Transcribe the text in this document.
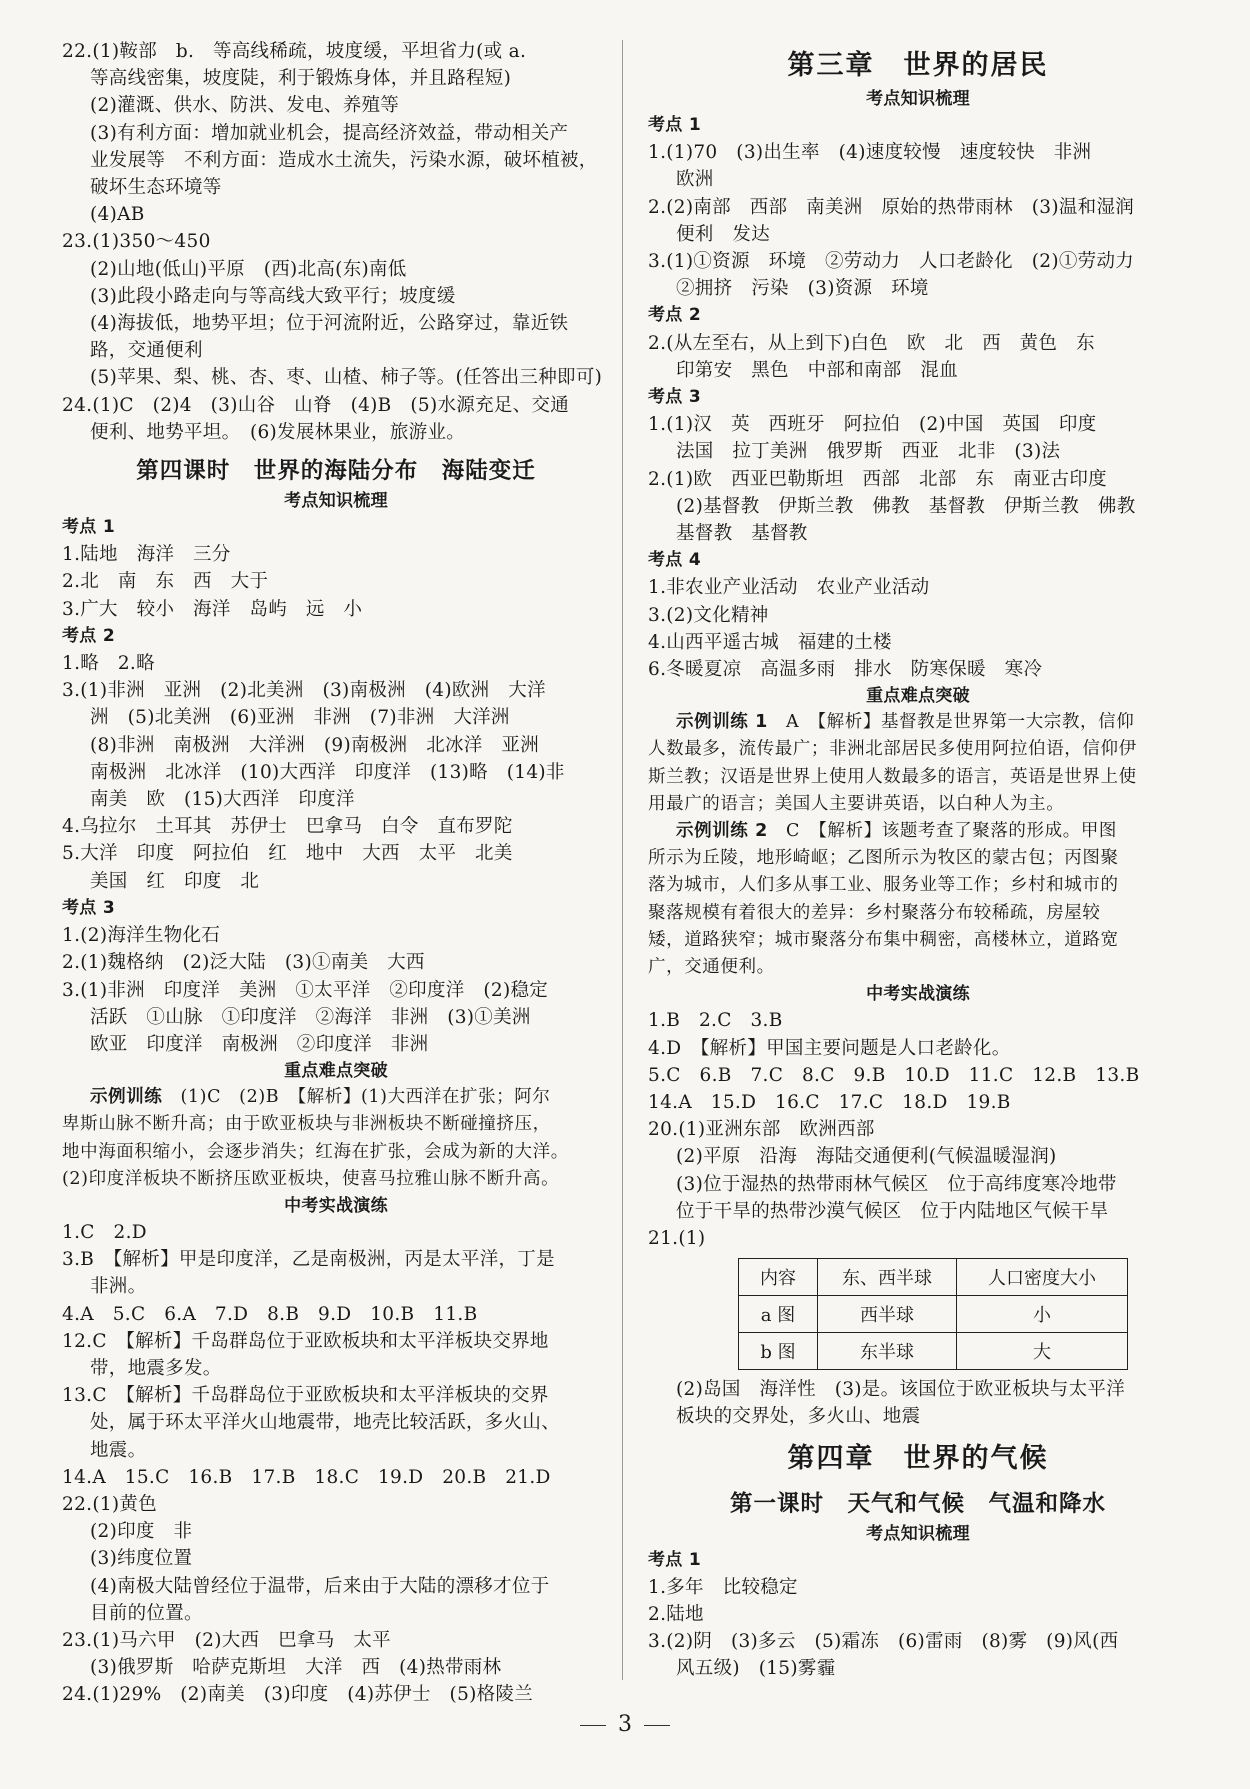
22.(1)鞍部　b.　等高线稀疏，坡度缓，平坦省力(或 a.
等高线密集，坡度陡，利于锻炼身体，并且路程短)
(2)灌溉、供水、防洪、发电、养殖等
(3)有利方面：增加就业机会，提高经济效益，带动相关产
业发展等　不利方面：造成水土流失，污染水源，破坏植被，
破坏生态环境等
(4)AB
23.(1)350～450
(2)山地(低山)平原　(西)北高(东)南低
(3)此段小路走向与等高线大致平行；坡度缓
(4)海拔低，地势平坦；位于河流附近，公路穿过，靠近铁
路，交通便利
(5)苹果、梨、桃、杏、枣、山楂、柿子等。(任答出三种即可)
24.(1)C　(2)4　(3)山谷　山脊　(4)B　(5)水源充足、交通
便利、地势平坦。　(6)发展林果业，旅游业。
第四课时　世界的海陆分布　海陆变迁
考点知识梳理
考点 1
1.陆地　海洋　三分
2.北　南　东　西　大于
3.广大　较小　海洋　岛屿　远　小
考点 2
1.略　2.略
3.(1)非洲　亚洲　(2)北美洲　(3)南极洲　(4)欧洲　大洋
洲　(5)北美洲　(6)亚洲　非洲　(7)非洲　大洋洲
(8)非洲　南极洲　大洋洲　(9)南极洲　北冰洋　亚洲
南极洲　北冰洋　(10)大西洋　印度洋　(13)略　(14)非
南美　欧　(15)大西洋　印度洋
4.乌拉尔　土耳其　苏伊士　巴拿马　白令　直布罗陀
5.大洋　印度　阿拉伯　红　地中　大西　太平　北美
美国　红　印度　北
考点 3
1.(2)海洋生物化石
2.(1)魏格纳　(2)泛大陆　(3)①南美　大西
3.(1)非洲　印度洋　美洲　①太平洋　②印度洋　(2)稳定
活跃　①山脉　①印度洋　②海洋　非洲　(3)①美洲
欧亚　印度洋　南极洲　②印度洋　非洲
重点难点突破
示例训练　(1)C　(2)B　【解析】(1)大西洋在扩张；阿尔
卑斯山脉不断升高；由于欧亚板块与非洲板块不断碰撞挤压，
地中海面积缩小，会逐步消失；红海在扩张，会成为新的大洋。
(2)印度洋板块不断挤压欧亚板块，使喜马拉雅山脉不断升高。
中考实战演练
1.C　2.D
3.B　【解析】甲是印度洋，乙是南极洲，丙是太平洋，丁是
非洲。
4.A　5.C　6.A　7.D　8.B　9.D　10.B　11.B
12.C　【解析】千岛群岛位于亚欧板块和太平洋板块交界地
带，地震多发。
13.C　【解析】千岛群岛位于亚欧板块和太平洋板块的交界
处，属于环太平洋火山地震带，地壳比较活跃，多火山、
地震。
14.A　15.C　16.B　17.B　18.C　19.D　20.B　21.D
22.(1)黄色
(2)印度　非
(3)纬度位置
(4)南极大陆曾经位于温带，后来由于大陆的漂移才位于
目前的位置。
23.(1)马六甲　(2)大西　巴拿马　太平
(3)俄罗斯　哈萨克斯坦　大洋　西　(4)热带雨林
24.(1)29%　(2)南美　(3)印度　(4)苏伊士　(5)格陵兰
第三章　世界的居民
考点知识梳理
考点 1
1.(1)70　(3)出生率　(4)速度较慢　速度较快　非洲
欧洲
2.(2)南部　西部　南美洲　原始的热带雨林　(3)温和湿润
便利　发达
3.(1)①资源　环境　②劳动力　人口老龄化　(2)①劳动力
②拥挤　污染　(3)资源　环境
考点 2
2.(从左至右，从上到下)白色　欧　北　西　黄色　东
印第安　黑色　中部和南部　混血
考点 3
1.(1)汉　英　西班牙　阿拉伯　(2)中国　英国　印度
法国　拉丁美洲　俄罗斯　西亚　北非　(3)法
2.(1)欧　西亚巴勒斯坦　西部　北部　东　南亚古印度
(2)基督教　伊斯兰教　佛教　基督教　伊斯兰教　佛教
基督教　基督教
考点 4
1.非农业产业活动　农业产业活动
3.(2)文化精神
4.山西平遥古城　福建的土楼
6.冬暖夏凉　高温多雨　排水　防寒保暖　寒冷
重点难点突破
示例训练 1　A　【解析】基督教是世界第一大宗教，信仰
人数最多，流传最广；非洲北部居民多使用阿拉伯语，信仰伊
斯兰教；汉语是世界上使用人数最多的语言，英语是世界上使
用最广的语言；美国人主要讲英语，以白种人为主。
示例训练 2　C　【解析】该题考查了聚落的形成。甲图
所示为丘陵，地形崎岖；乙图所示为牧区的蒙古包；丙图聚
落为城市，人们多从事工业、服务业等工作；乡村和城市的
聚落规模有着很大的差异：乡村聚落分布较稀疏，房屋较
矮，道路狭窄；城市聚落分布集中稠密，高楼林立，道路宽
广，交通便利。
中考实战演练
1.B　2.C　3.B
4.D　【解析】甲国主要问题是人口老龄化。
5.C　6.B　7.C　8.C　9.B　10.D　11.C　12.B　13.B
14.A　15.D　16.C　17.C　18.D　19.B
20.(1)亚洲东部　欧洲西部
(2)平原　沿海　海陆交通便利(气候温暖湿润)
(3)位于湿热的热带雨林气候区　位于高纬度寒冷地带
位于干旱的热带沙漠气候区　位于内陆地区气候干旱
21.(1)
内容	东、西半球	人口密度大小
a 图	西半球	小
b 图	东半球	大
(2)岛国　海洋性　(3)是。该国位于欧亚板块与太平洋
板块的交界处，多火山、地震
第四章　世界的气候
第一课时　天气和气候　气温和降水
考点知识梳理
考点 1
1.多年　比较稳定
2.陆地
3.(2)阴　(3)多云　(5)霜冻　(6)雷雨　(8)雾　(9)风(西
风五级)　(15)雾霾
3
